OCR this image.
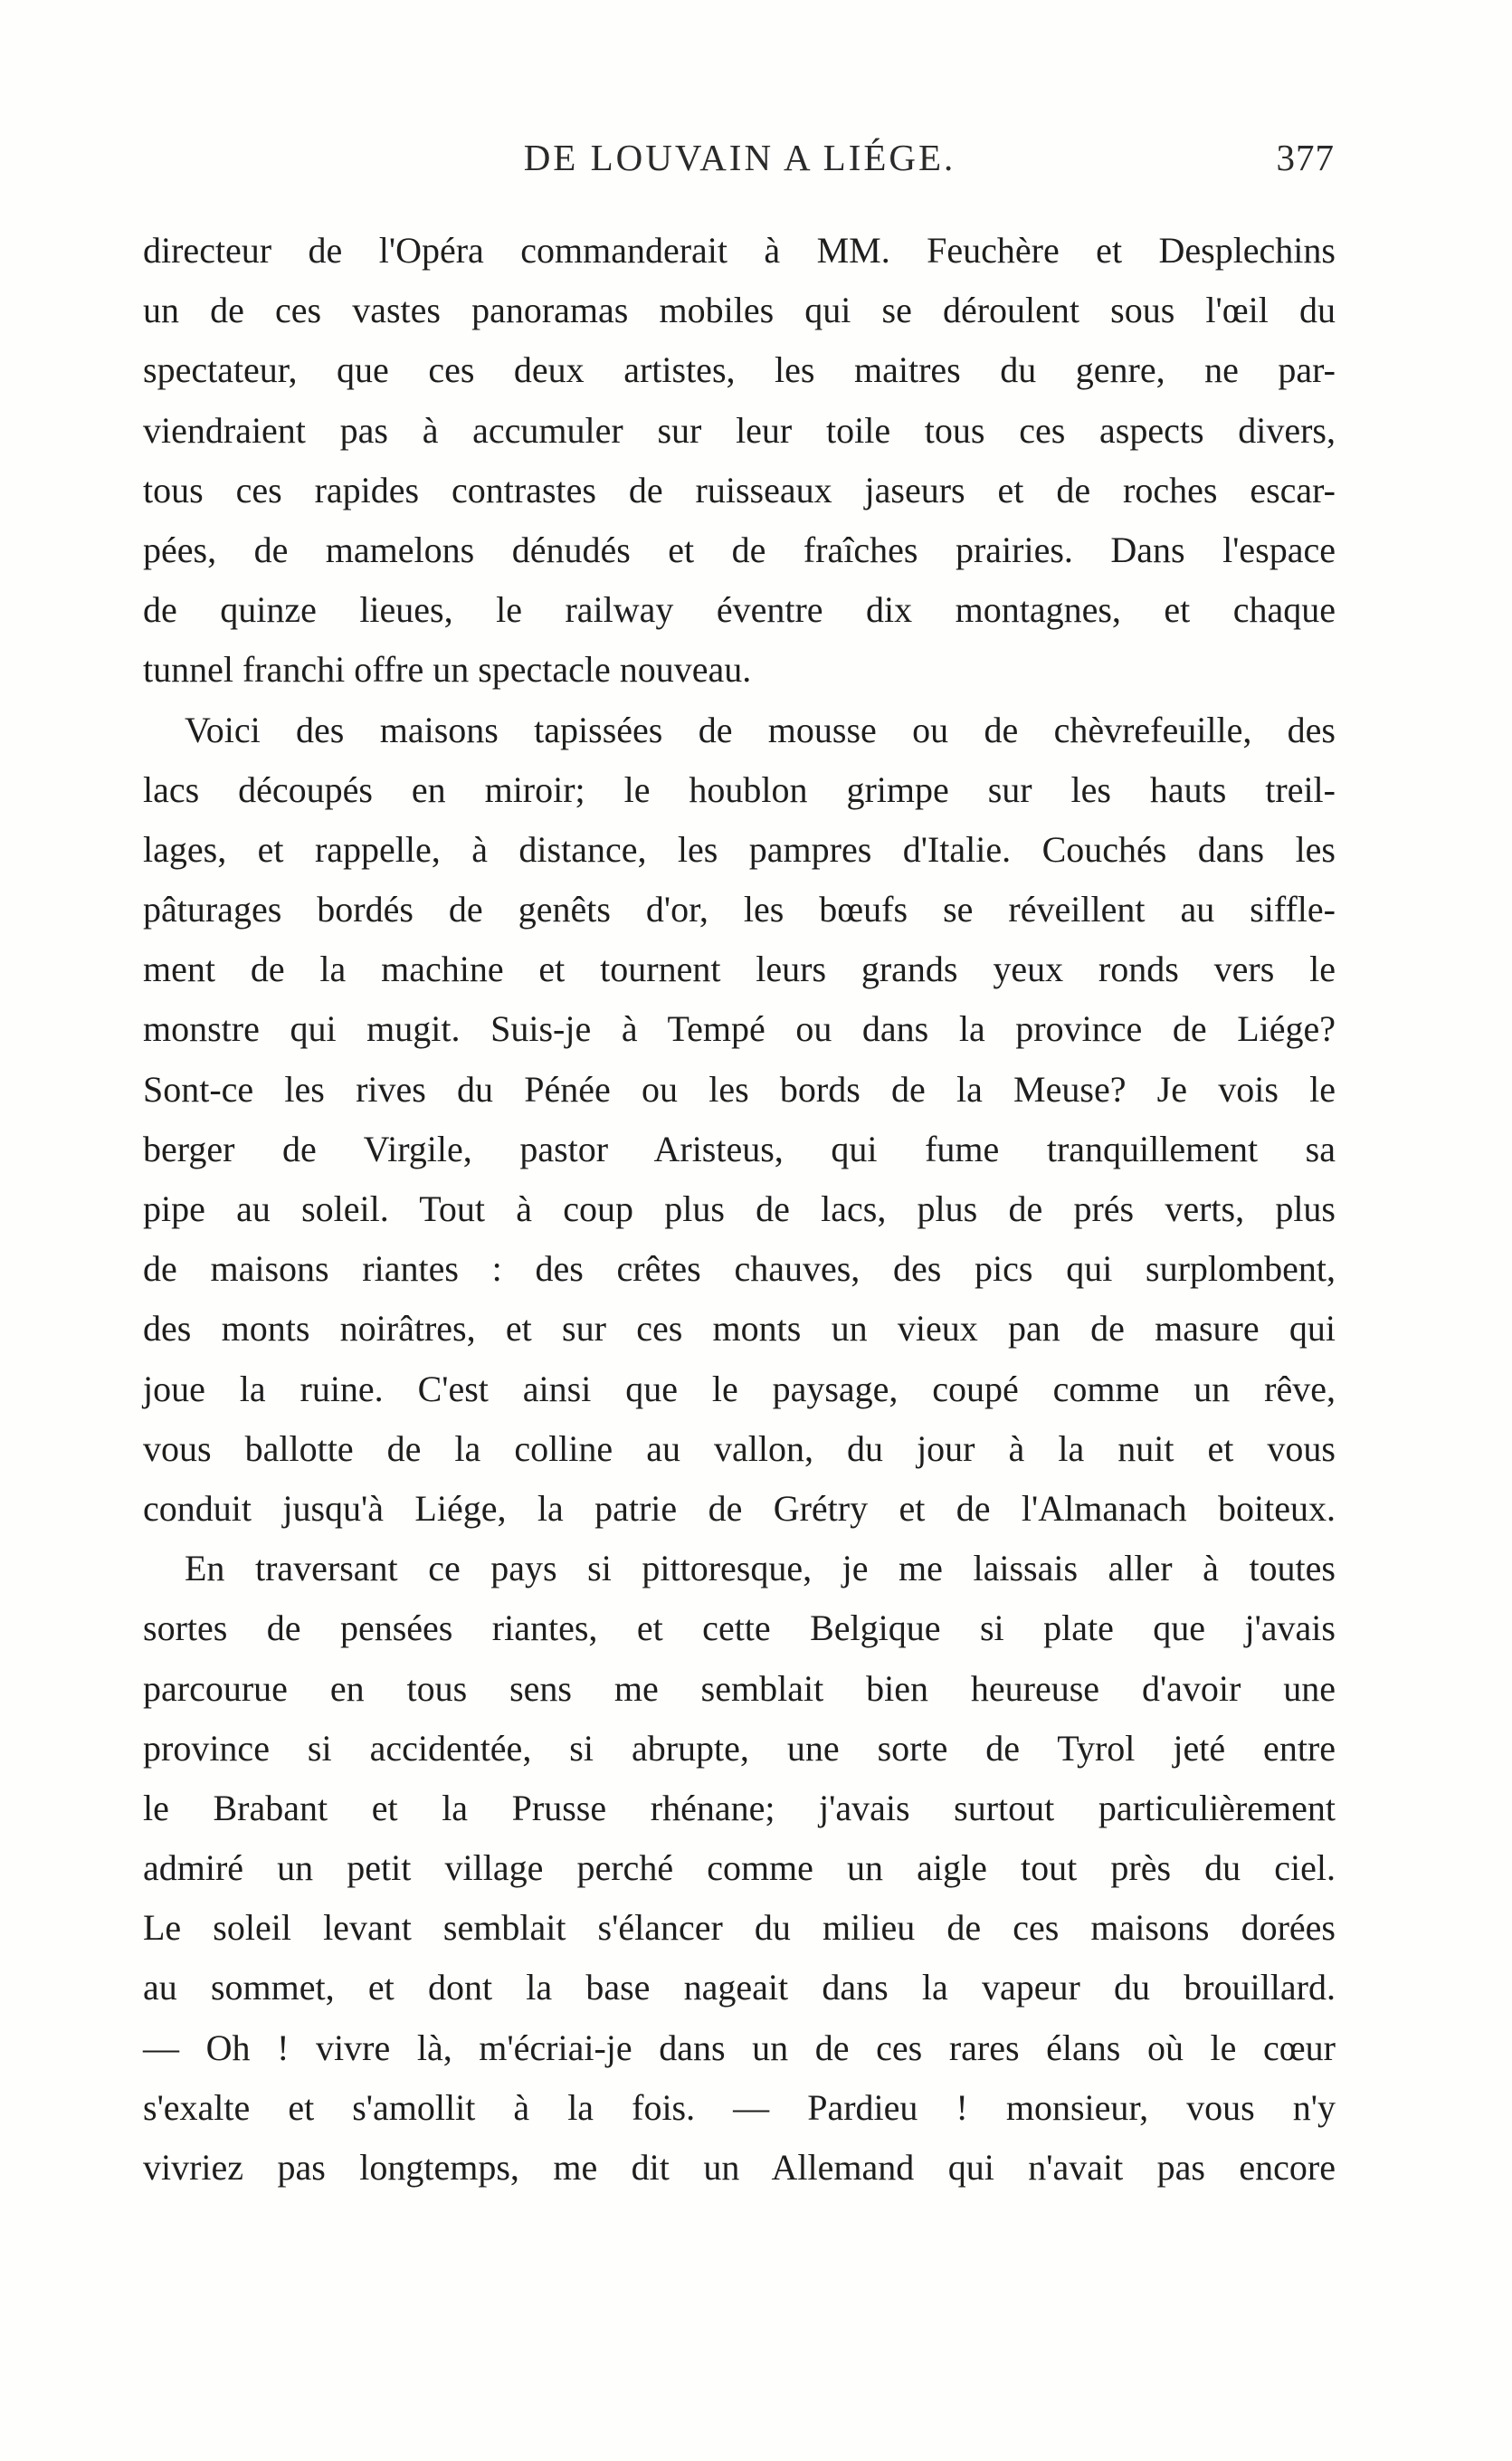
DE LOUVAIN A LIÉGE.	377
directeur de l'Opéra commanderait à MM. Feuchère et Desplechins
un de ces vastes panoramas mobiles qui se déroulent sous l'œil du
spectateur, que ces deux artistes, les maitres du genre, ne par-
viendraient pas à accumuler sur leur toile tous ces aspects divers,
tous ces rapides contrastes de ruisseaux jaseurs et de roches escar-
pées, de mamelons dénudés et de fraîches prairies. Dans l'espace
de quinze lieues, le railway éventre dix montagnes, et chaque
tunnel franchi offre un spectacle nouveau.
Voici des maisons tapissées de mousse ou de chèvrefeuille, des
lacs découpés en miroir; le houblon grimpe sur les hauts treil-
lages, et rappelle, à distance, les pampres d'Italie. Couchés dans les
pâturages bordés de genêts d'or, les bœufs se réveillent au siffle-
ment de la machine et tournent leurs grands yeux ronds vers le
monstre qui mugit. Suis-je à Tempé ou dans la province de Liége?
Sont-ce les rives du Pénée ou les bords de la Meuse? Je vois le
berger de Virgile, pastor Aristeus, qui fume tranquillement sa
pipe au soleil. Tout à coup plus de lacs, plus de prés verts, plus
de maisons riantes : des crêtes chauves, des pics qui surplombent,
des monts noirâtres, et sur ces monts un vieux pan de masure qui
joue la ruine. C'est ainsi que le paysage, coupé comme un rêve,
vous ballotte de la colline au vallon, du jour à la nuit et vous
conduit jusqu'à Liége, la patrie de Grétry et de l'Almanach boiteux.
En traversant ce pays si pittoresque, je me laissais aller à toutes
sortes de pensées riantes, et cette Belgique si plate que j'avais
parcourue en tous sens me semblait bien heureuse d'avoir une
province si accidentée, si abrupte, une sorte de Tyrol jeté entre
le Brabant et la Prusse rhénane; j'avais surtout particulièrement
admiré un petit village perché comme un aigle tout près du ciel.
Le soleil levant semblait s'élancer du milieu de ces maisons dorées
au sommet, et dont la base nageait dans la vapeur du brouillard.
— Oh ! vivre là, m'écriai-je dans un de ces rares élans où le cœur
s'exalte et s'amollit à la fois. — Pardieu ! monsieur, vous n'y
vivriez pas longtemps, me dit un Allemand qui n'avait pas encore
